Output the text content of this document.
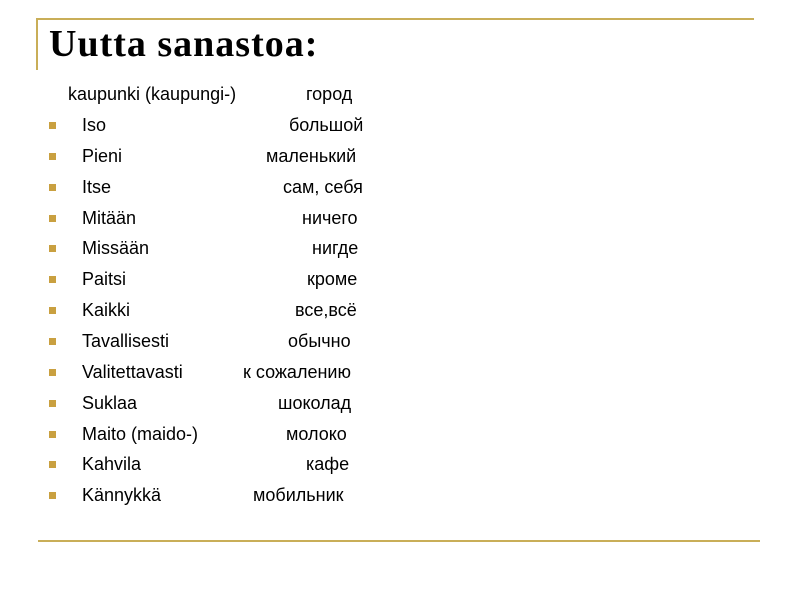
Uutta sanastoa:
kaupunki (kaupungi-)	город
Iso	большой
Pieni	маленький
Itse	сам, себя
Mitään	ничего
Missään	нигде
Paitsi	кроме
Kaikki	все,всё
Tavallisesti	обычно
Valitettavasti	к сожалению
Suklaa	шоколад
Maito (maido-)	молоко
Kahvila	кафе
Kännykkä	мобильник
